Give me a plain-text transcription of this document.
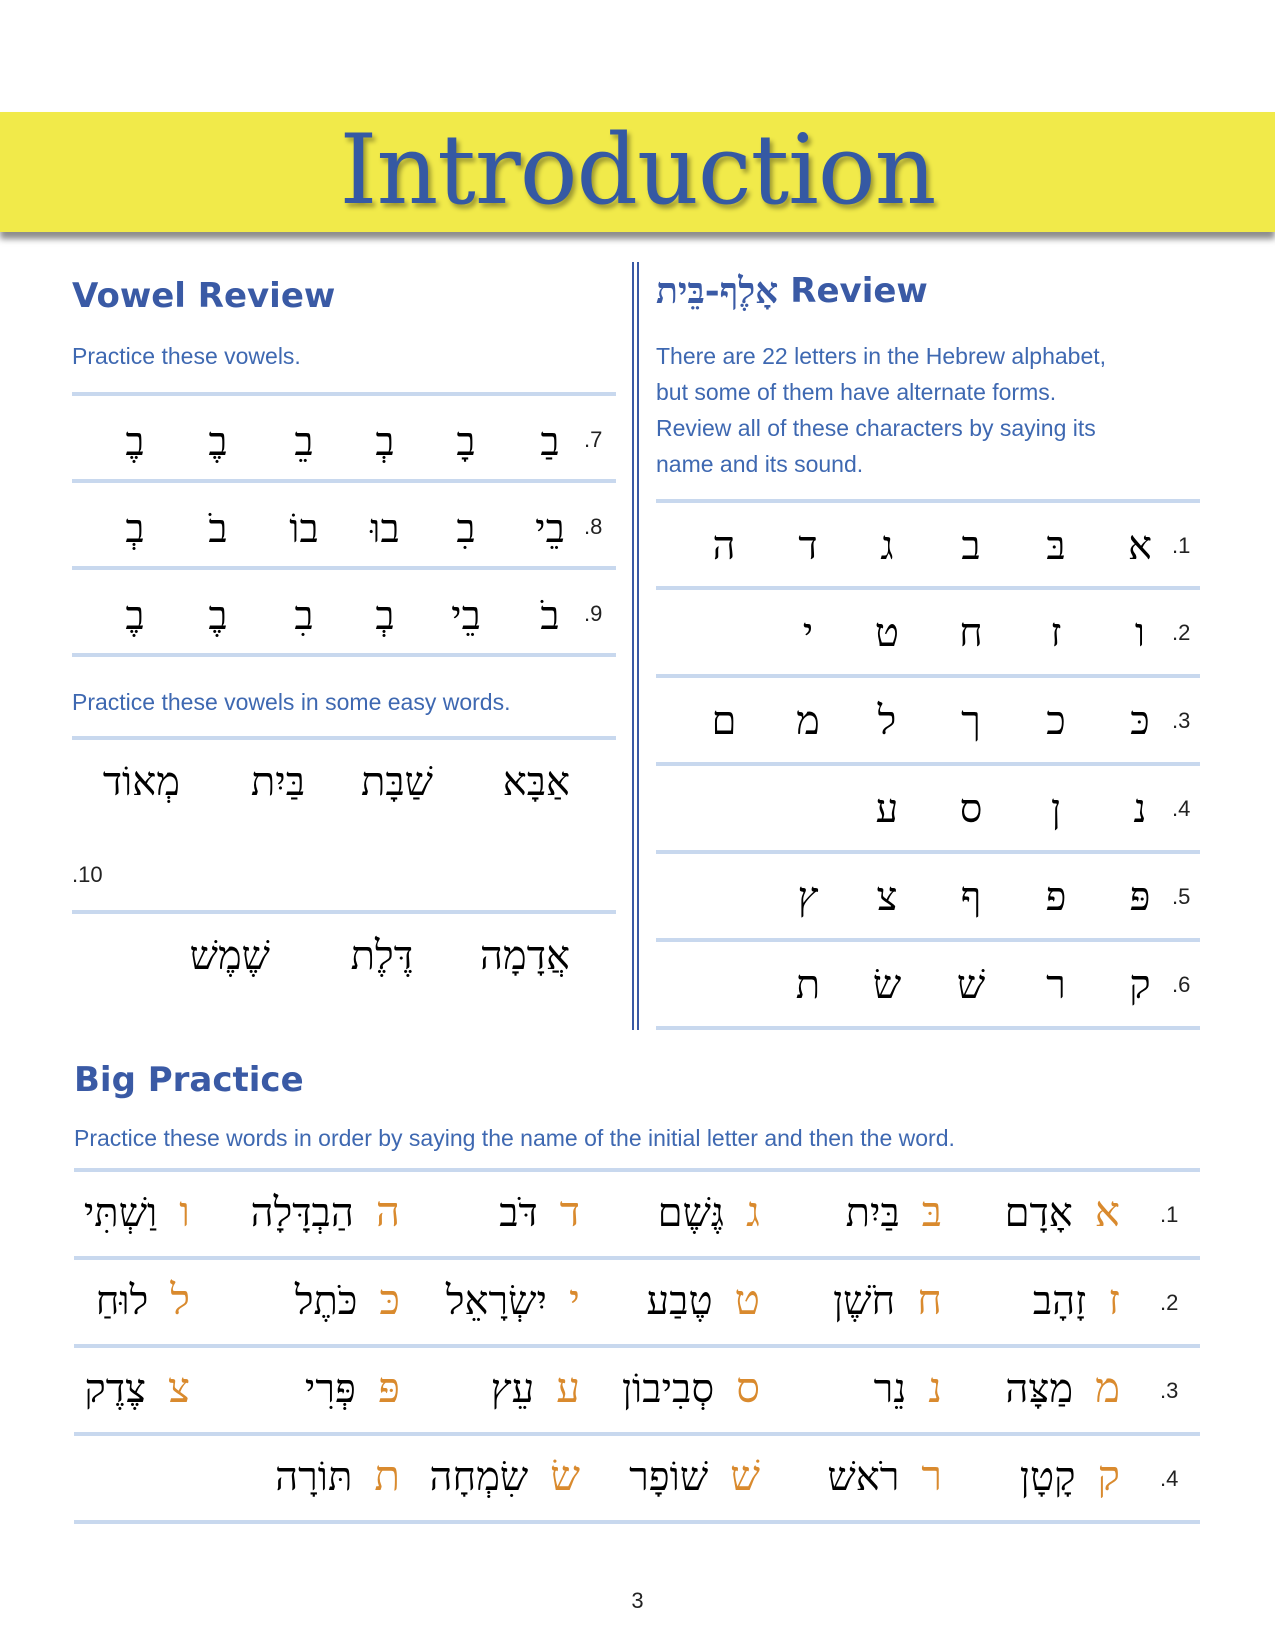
Introduction
Vowel Review
Practice these vowels.
.7
בַ
בָ
בְ
בֵ
בֶ
בֶ
.8
בֵי
בִ
בוּ
בוֹ
בֹ
בְ
.9
בֹ
בֵי
בְ
בִ
בֶ
בֶ
Practice these vowels in some easy words.
אַבָּא
שַׁבָּת
בַּיִת
מְאוֹד
.10
אֲדָמָה
דֶּלֶת
שֶׁמֶשׁ
אָלֶף-בֵּית Review
There are 22 letters in the Hebrew alphabet,
but some of them have alternate forms.
Review all of these characters by saying its
name and its sound.
.1
א
בּ
ב
ג
ד
ה
.2
ו
ז
ח
ט
י
.3
כּ
כ
ך
ל
מ
ם
.4
נ
ן
ס
ע
.5
פּ
פ
ף
צ
ץ
.6
ק
ר
שׁ
שׂ
ת
Big Practice
Practice these words in order by saying the name of the initial letter and then the word.
.1
אאָדָם
בּבַּיִת
גגֶּשֶׁם
דדֹּב
ההַבְדָּלָה
ווַשְׁתִּי
.2
זזָהָב
חחֹשֶׁן
טטֶבַע
ייִשְׂרָאֵל
כּכֹּתֶל
ללוּחַ
.3
ממַצָּה
ננֵר
ססְבִיבוֹן
עעֵץ
פּפְּרִי
צצֶדֶק
.4
קקָטָן
ררֹאשׁ
שׁשׁוֹפָר
שׂשִׂמְחָה
תתּוֹרָה
3
